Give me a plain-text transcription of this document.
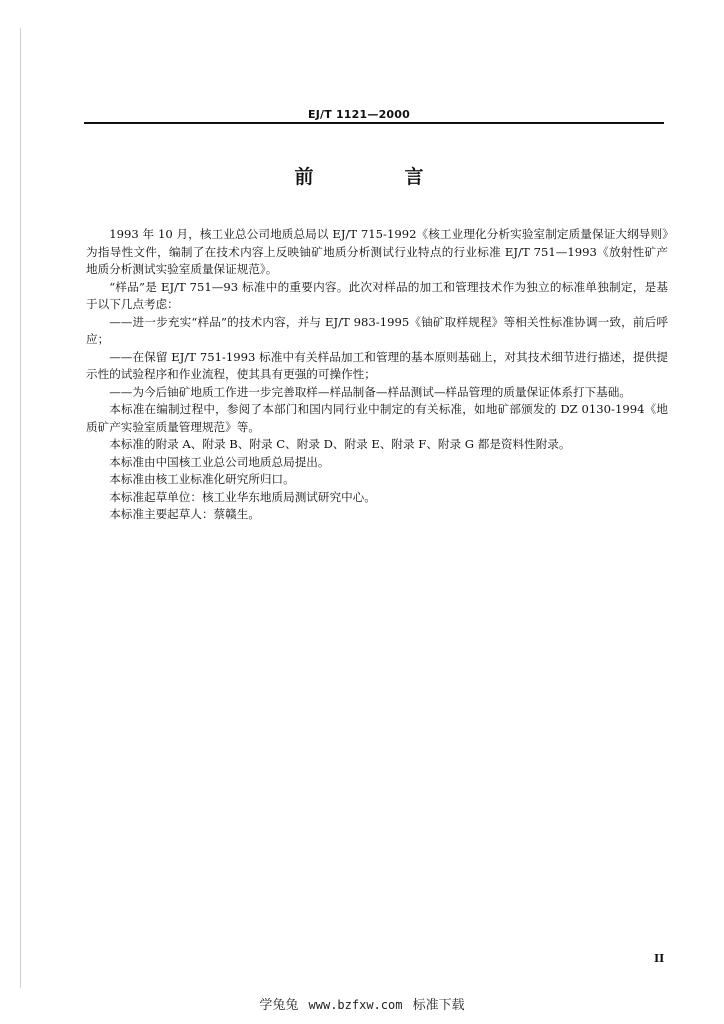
EJ/T 1121—2000
前　言

1993 年 10 月，核工业总公司地质总局以 EJ/T 715-1992《核工业理化分析实验室制定质量保证大纲导则》为指导性文件，编制了在技术内容上反映铀矿地质分析测试行业特点的行业标准 EJ/T 751—1993《放射性矿产地质分析测试实验室质量保证规范》。

“样品”是 EJ/T 751—93 标准中的重要内容。此次对样品的加工和管理技术作为独立的标准单独制定，是基于以下几点考虑：

——进一步充实“样品”的技术内容，并与 EJ/T 983-1995《铀矿取样规程》等相关性标准协调一致，前后呼应；

——在保留 EJ/T 751-1993 标准中有关样品加工和管理的基本原则基础上，对其技术细节进行描述，提供提示性的试验程序和作业流程，使其具有更强的可操作性；

——为今后铀矿地质工作进一步完善取样—样品制备—样品测试—样品管理的质量保证体系打下基础。

本标准在编制过程中，参阅了本部门和国内同行业中制定的有关标准，如地矿部颁发的 DZ 0130-1994《地质矿产实验室质量管理规范》等。

本标准的附录 A、附录 B、附录 C、附录 D、附录 E、附录 F、附录 G 都是资料性附录。

本标准由中国核工业总公司地质总局提出。

本标准由核工业标准化研究所归口。

本标准起草单位：核工业华东地质局测试研究中心。

本标准主要起草人：蔡赣生。

II
学兔兔 www.bzfxw.com 标准下载
